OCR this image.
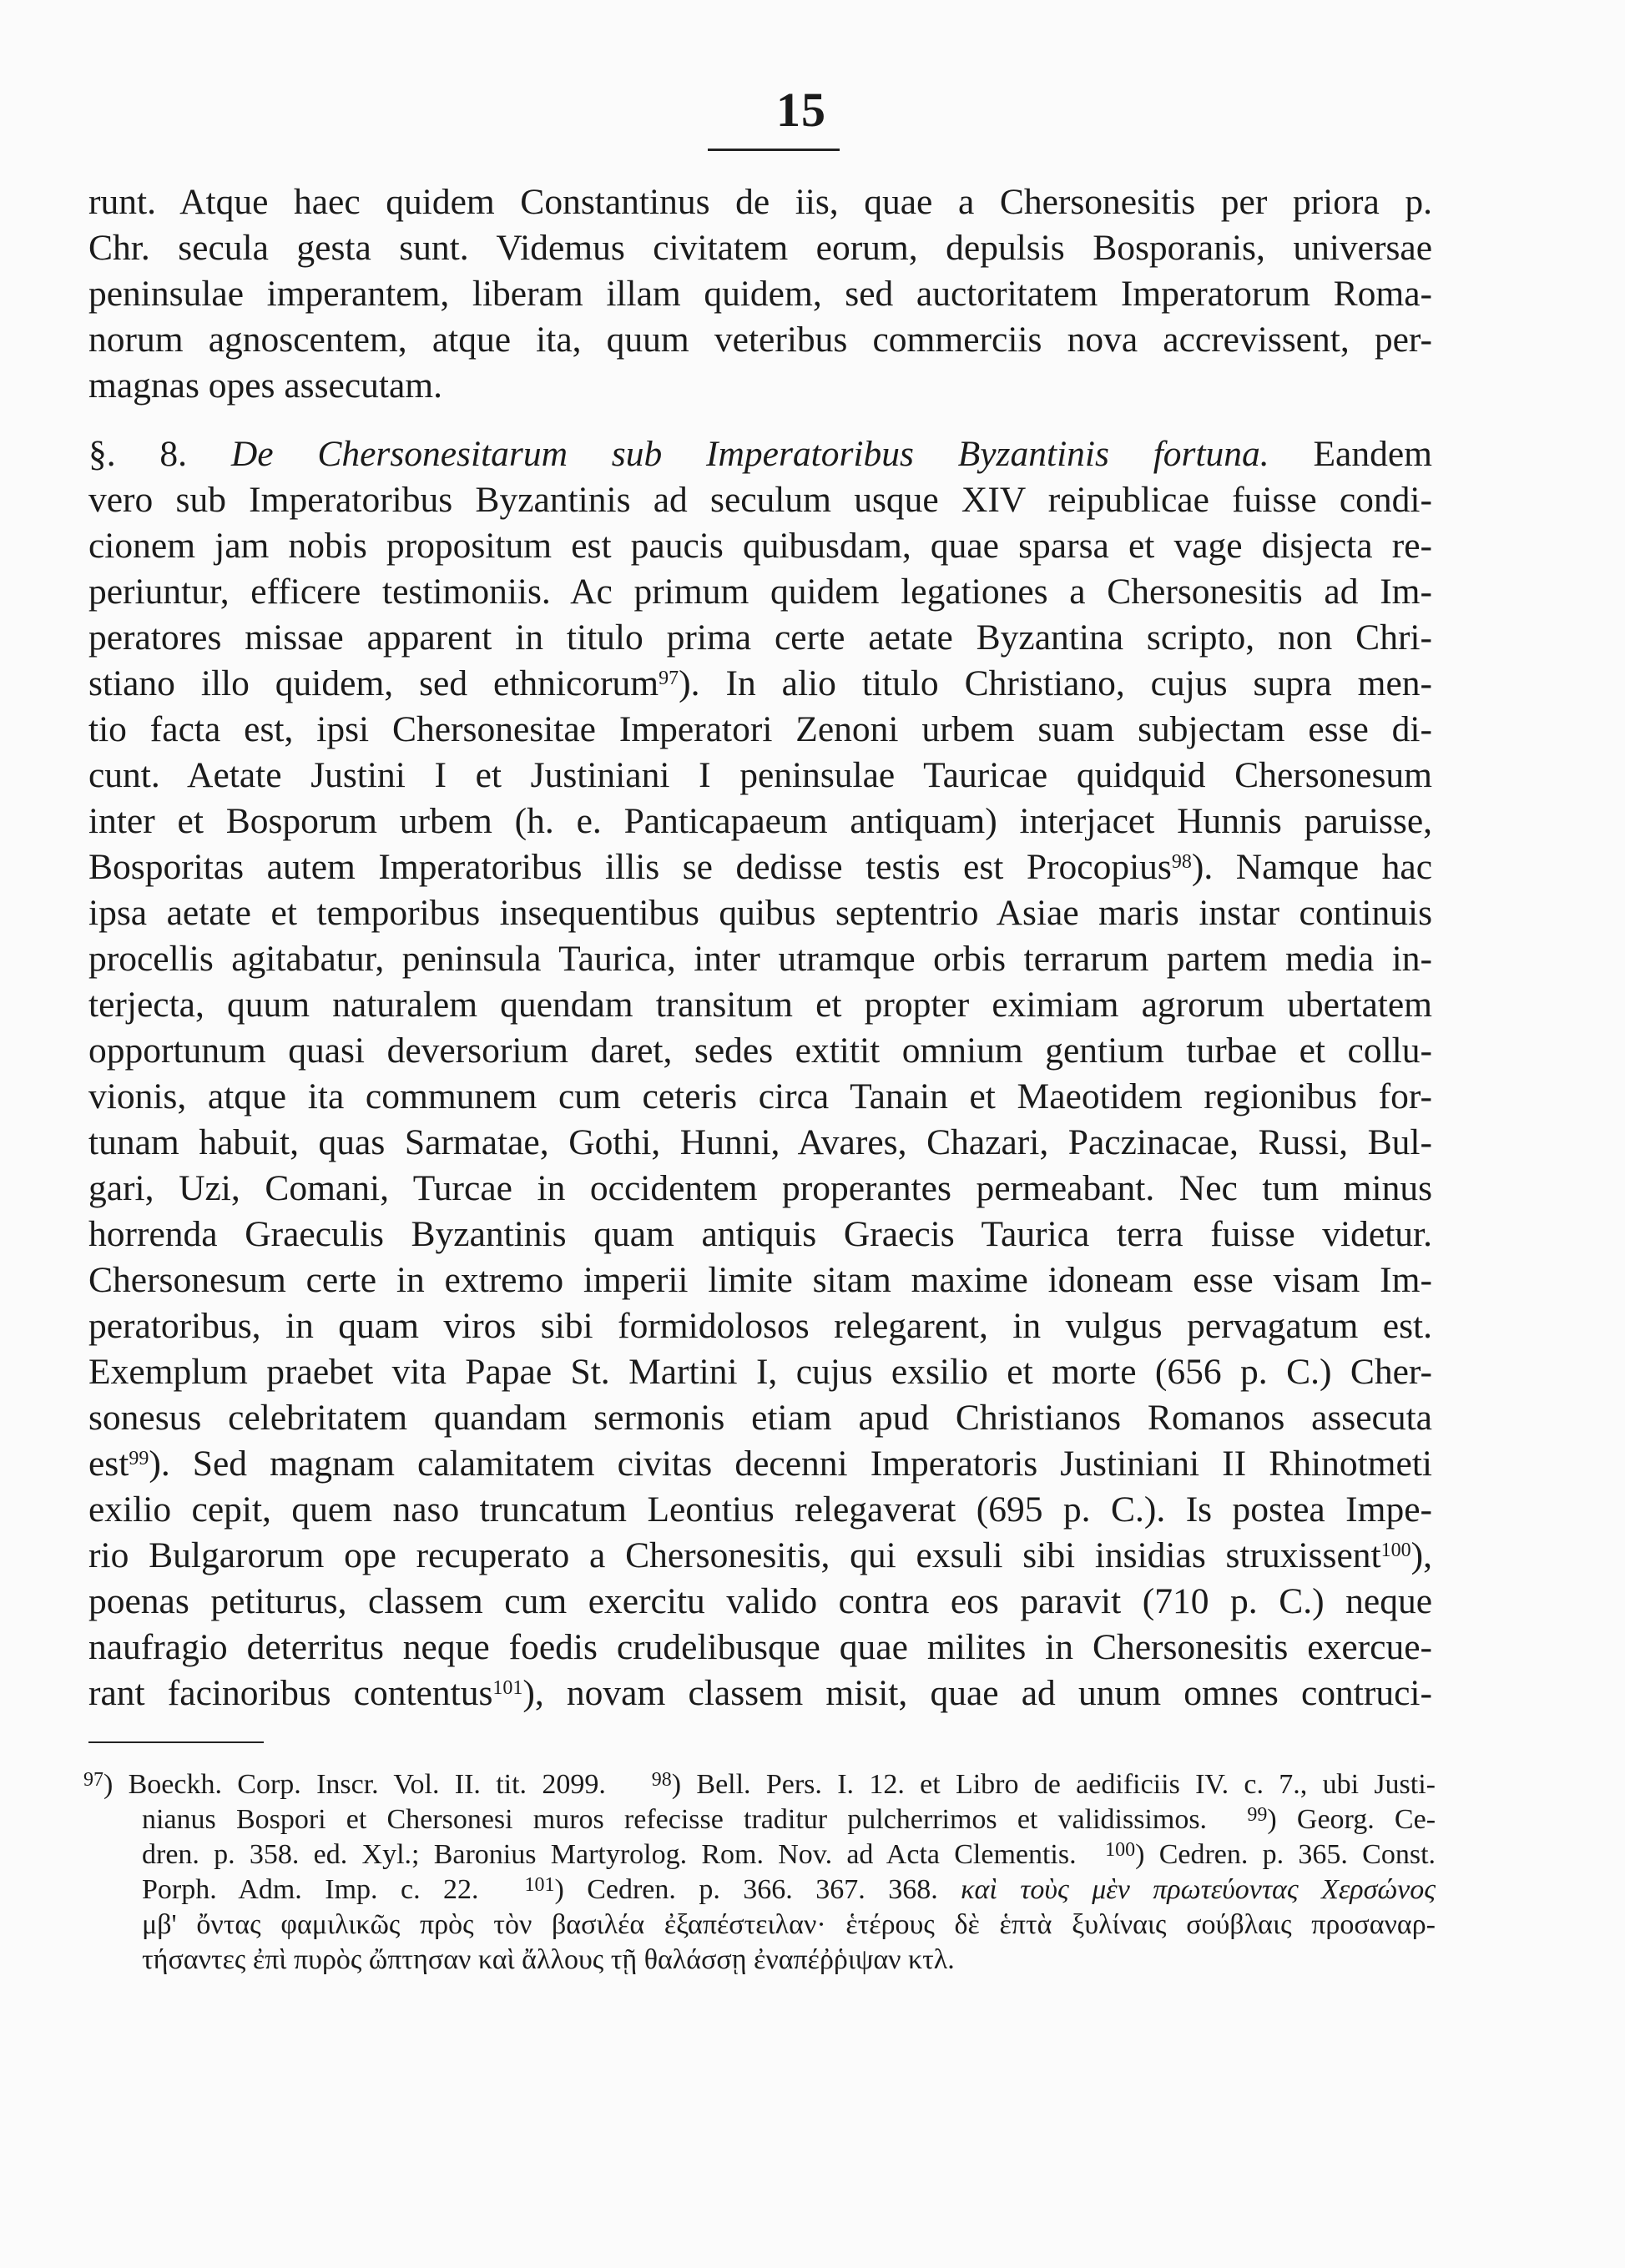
15
runt. Atque haec quidem Constantinus de iis, quae a Chersonesitis per priora p.
Chr. secula gesta sunt. Videmus civitatem eorum, depulsis Bosporanis, universae
peninsulae imperantem, liberam illam quidem, sed auctoritatem Imperatorum Roma-
norum agnoscentem, atque ita, quum veteribus commerciis nova accrevissent, per-
magnas opes assecutam.
§. 8. De Chersonesitarum sub Imperatoribus Byzantinis fortuna. Eandem
vero sub Imperatoribus Byzantinis ad seculum usque XIV reipublicae fuisse condi-
cionem jam nobis propositum est paucis quibusdam, quae sparsa et vage disjecta re-
periuntur, efficere testimoniis. Ac primum quidem legationes a Chersonesitis ad Im-
peratores missae apparent in titulo prima certe aetate Byzantina scripto, non Chri-
stiano illo quidem, sed ethnicorum$^{97}$). In alio titulo Christiano, cujus supra men-
tio facta est, ipsi Chersonesitae Imperatori Zenoni urbem suam subjectam esse di-
cunt. Aetate Justini I et Justiniani I peninsulae Tauricae quidquid Chersonesum
inter et Bosporum urbem (h. e. Panticapaeum antiquam) interjacet Hunnis paruisse,
Bosporitas autem Imperatoribus illis se dedisse testis est Procopius$^{98}$). Namque hac
ipsa aetate et temporibus insequentibus quibus septentrio Asiae maris instar continuis
procellis agitabatur, peninsula Taurica, inter utramque orbis terrarum partem media in-
terjecta, quum naturalem quendam transitum et propter eximiam agrorum ubertatem
opportunum quasi deversorium daret, sedes extitit omnium gentium turbae et collu-
vionis, atque ita communem cum ceteris circa Tanain et Maeotidem regionibus for-
tunam habuit, quas Sarmatae, Gothi, Hunni, Avares, Chazari, Paczinacae, Russi, Bul-
gari, Uzi, Comani, Turcae in occidentem properantes permeabant. Nec tum minus
horrenda Graeculis Byzantinis quam antiquis Graecis Taurica terra fuisse videtur.
Chersonesum certe in extremo imperii limite sitam maxime idoneam esse visam Im-
peratoribus, in quam viros sibi formidolosos relegarent, in vulgus pervagatum est.
Exemplum praebet vita Papae St. Martini I, cujus exsilio et morte (656 p. C.) Cher-
sonesus celebritatem quandam sermonis etiam apud Christianos Romanos assecuta
est$^{99}$). Sed magnam calamitatem civitas decenni Imperatoris Justiniani II Rhinotmeti
exilio cepit, quem naso truncatum Leontius relegaverat (695 p. C.). Is postea Impe-
rio Bulgarorum ope recuperato a Chersonesitis, qui exsuli sibi insidias struxissent$^{100}$),
poenas petiturus, classem cum exercitu valido contra eos paravit (710 p. C.) neque
naufragio deterritus neque foedis crudelibusque quae milites in Chersonesitis exercue-
rant facinoribus contentus$^{101}$), novam classem misit, quae ad unum omnes contruci-
$^{97}$) Boeckh. Corp. Inscr. Vol. II. tit. 2099. $^{98}$) Bell. Pers. I. 12. et Libro de aedificiis IV. c. 7., ubi Justi-
nianus Bospori et Chersonesi muros refecisse traditur pulcherrimos et validissimos. $^{99}$) Georg. Ce-
dren. p. 358. ed. Xyl.; Baronius Martyrolog. Rom. Nov. ad Acta Clementis. $^{100}$) Cedren. p. 365. Const.
Porph. Adm. Imp. c. 22. $^{101}$) Cedren. p. 366. 367. 368. καὶ τοὺς μὲν πρωτεύοντας Χερσώνος
μβ' ὄντας φαμιλικῶς πρὸς τὸν βασιλέα ἐξαπέστειλαν· ἑτέρους δὲ ἑπτὰ ξυλίναις σούβλαις προσαναρ-
τήσαντες ἐπὶ πυρὸς ὤπτησαν καὶ ἄλλους τῇ θαλάσσῃ ἐναπέῤῥιψαν κτλ.
